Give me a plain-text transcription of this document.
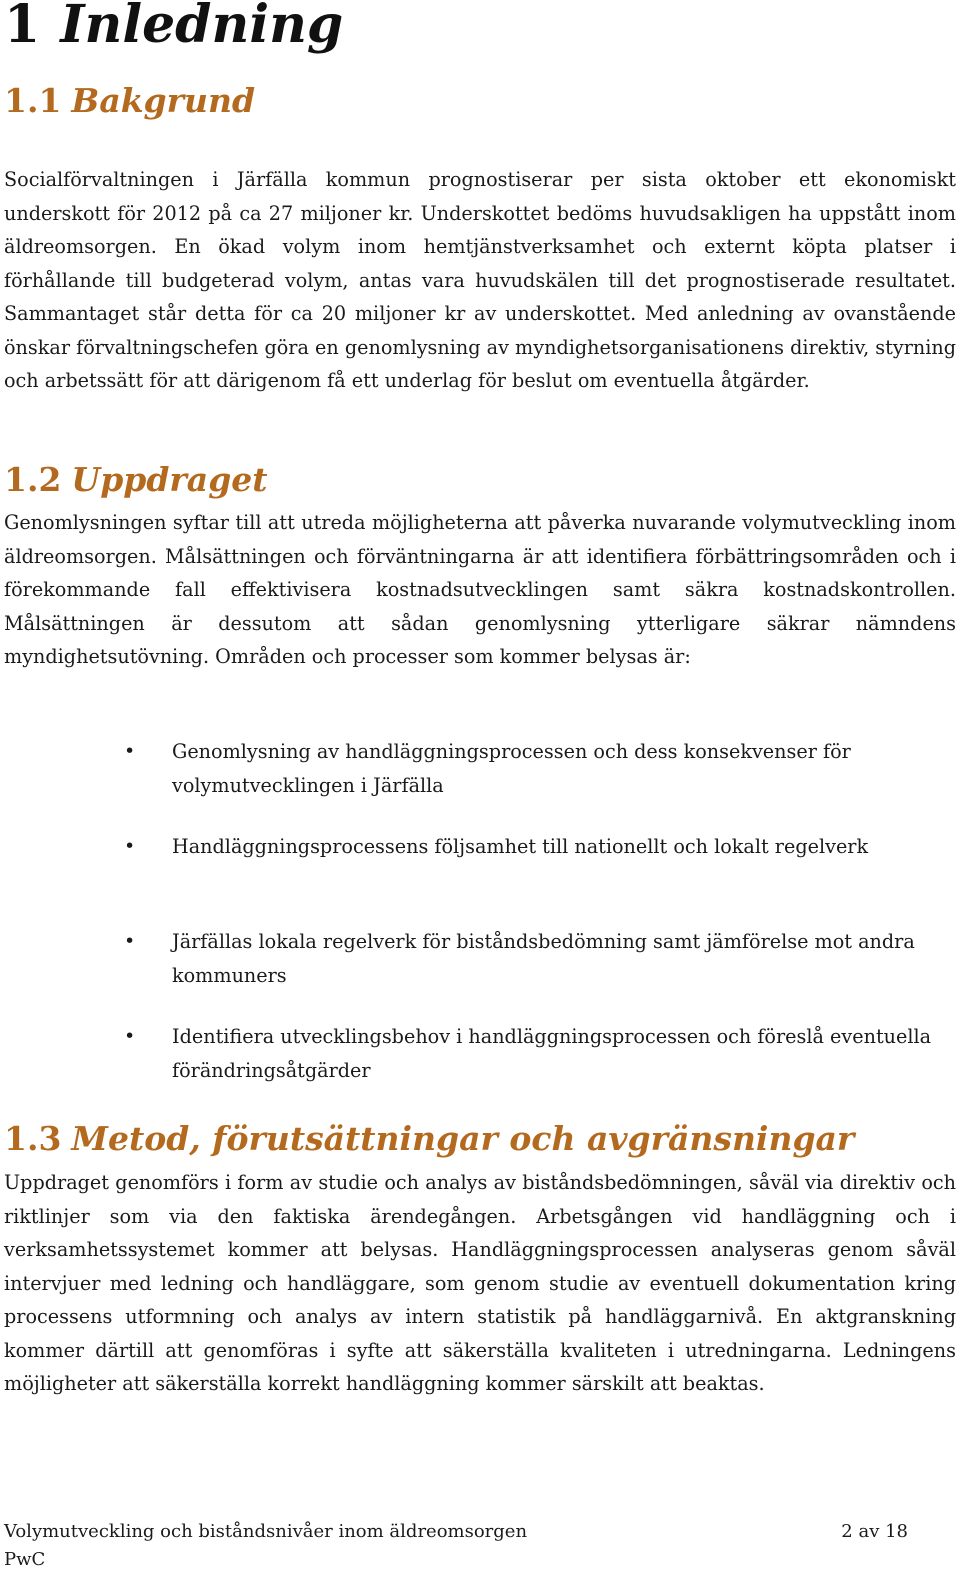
1 Inledning
1.1 Bakgrund

Socialförvaltningen i Järfälla kommun prognostiserar per sista oktober ett ekonomiskt underskott för 2012 på ca 27 miljoner kr. Underskottet bedöms huvudsakligen ha uppstått inom äldreomsorgen. En ökad volym inom hemtjänstverksamhet och externt köpta platser i förhållande till budgeterad volym, antas vara huvudskälen till det prognostiserade resultatet. Sammantaget står detta för ca 20 miljoner kr av underskottet. Med anledning av ovanstående önskar förvaltningschefen göra en genomlysning av myndighetsorganisationens direktiv, styrning och arbetssätt för att därigenom få ett underlag för beslut om eventuella åtgärder.

1.2 Uppdraget

Genomlysningen syftar till att utreda möjligheterna att påverka nuvarande volymutveckling inom äldreomsorgen. Målsättningen och förväntningarna är att identifiera förbättringsområden och i förekommande fall effektivisera kostnadsutvecklingen samt säkra kostnadskontrollen. Målsättningen är dessutom att sådan genomlysning ytterligare säkrar nämndens myndighetsutövning. Områden och processer som kommer belysas är:

• Genomlysning av handläggningsprocessen och dess konsekvenser för volymutvecklingen i Järfälla
• Handläggningsprocessens följsamhet till nationellt och lokalt regelverk
• Järfällas lokala regelverk för biståndsbedömning samt jämförelse mot andra kommuners
• Identifiera utvecklingsbehov i handläggningsprocessen och föreslå eventuella förändringsåtgärder
1.3 Metod, förutsättningar och avgränsningar

Uppdraget genomförs i form av studie och analys av biståndsbedömningen, såväl via direktiv och riktlinjer som via den faktiska ärendegången. Arbetsgången vid handläggning och i verksamhetssystemet kommer att belysas. Handläggningsprocessen analyseras genom såväl intervjuer med ledning och handläggare, som genom studie av eventuell dokumentation kring processens utformning och analys av intern statistik på handläggarnivå. En aktgranskning kommer därtill att genomföras i syfte att säkerställa kvaliteten i utredningarna. Ledningens möjligheter att säkerställa korrekt handläggning kommer särskilt att beaktas.

Volymutveckling och biståndsnivåer inom äldreomsorgen
PwC
2 av 18
